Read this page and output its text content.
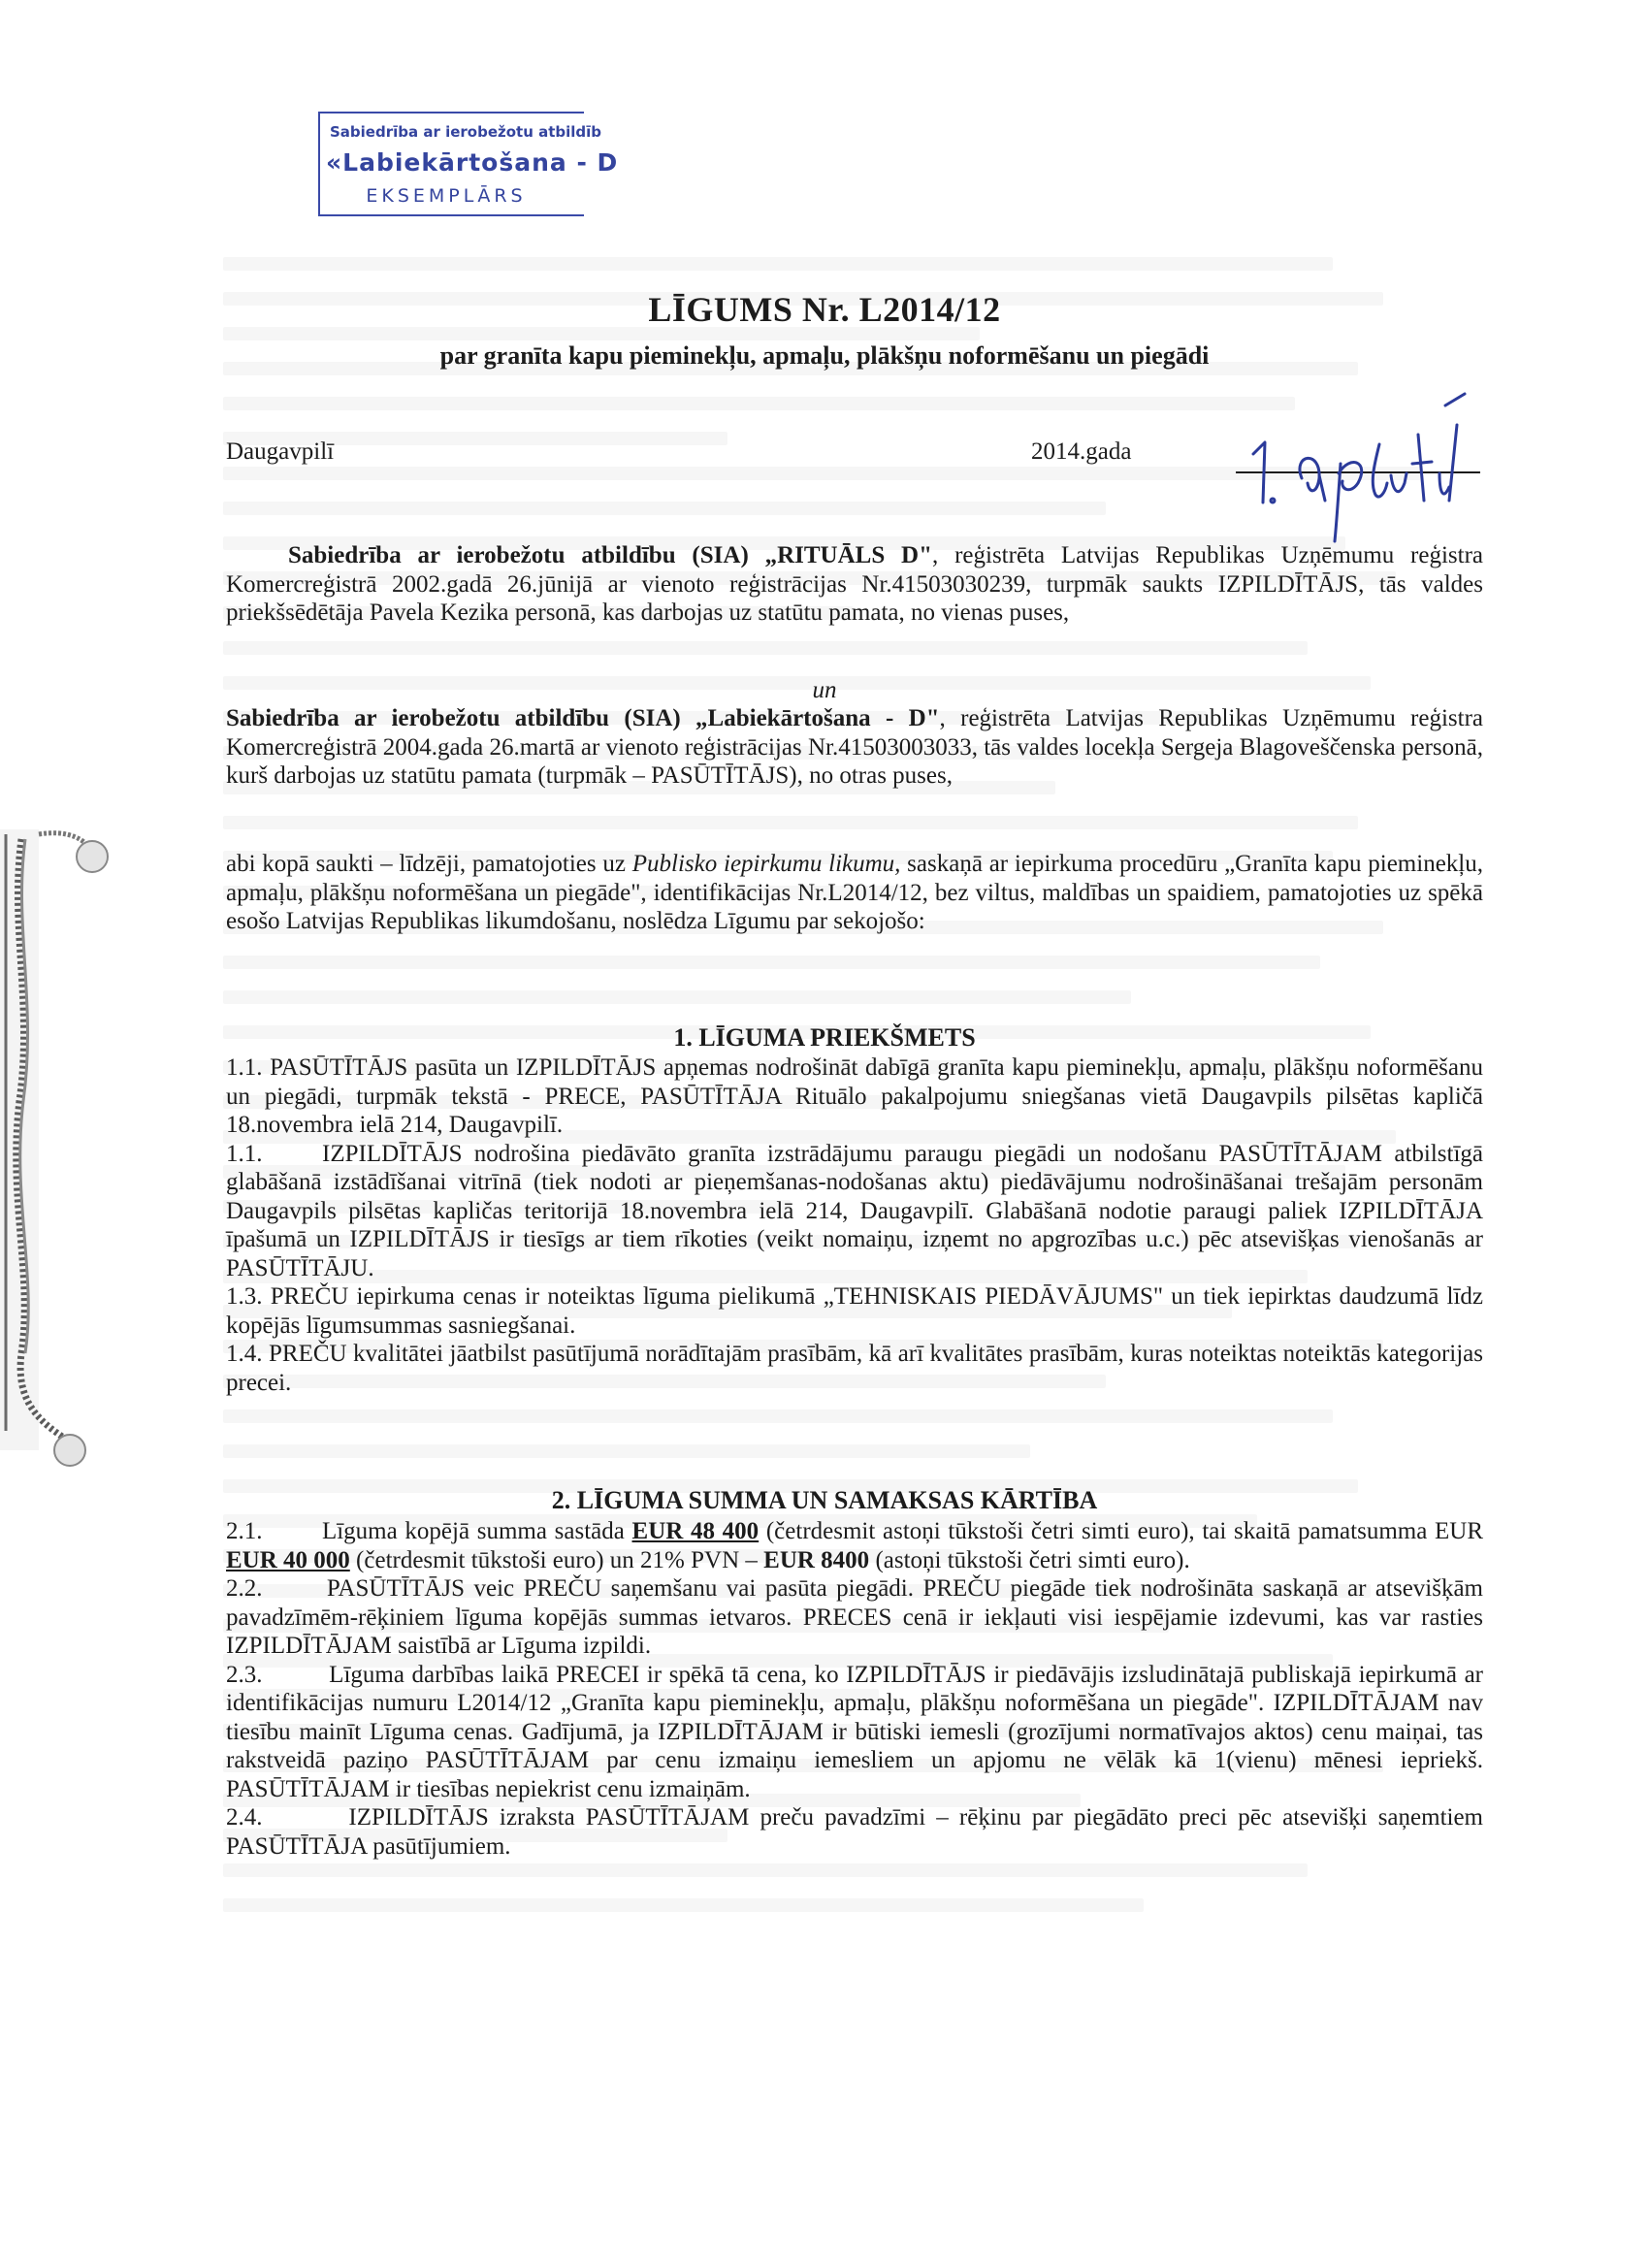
Sabiedrība ar ierobežotu atbildīb
«Labiekārtošana - D
EKSEMPLĀRS
LĪGUMS Nr. L2014/12
par granīta kapu pieminekļu, apmaļu, plākšņu noformēšanu un piegādi
Daugavpilī	2014.gada

Sabiedrība ar ierobežotu atbildību (SIA) „RITUĀLS D", reģistrēta Latvijas Republikas Uzņēmumu reģistra Komercreģistrā 2002.gadā 26.jūnijā ar vienoto reģistrācijas Nr.41503030239, turpmāk saukts IZPILDĪTĀJS, tās valdes priekšsēdētāja Pavela Kezika personā, kas darbojas uz statūtu pamata, no vienas puses,

un

Sabiedrība ar ierobežotu atbildību (SIA) „Labiekārtošana - D", reģistrēta Latvijas Republikas Uzņēmumu reģistra Komercreģistrā 2004.gada 26.martā ar vienoto reģistrācijas Nr.41503003033, tās valdes locekļa Sergeja Blagoveščenska personā, kurš darbojas uz statūtu pamata (turpmāk – PASŪTĪTĀJS), no otras puses,

abi kopā saukti – līdzēji, pamatojoties uz Publisko iepirkumu likumu, saskaņā ar iepirkuma procedūru „Granīta kapu pieminekļu, apmaļu, plākšņu noformēšana un piegāde", identifikācijas Nr.L2014/12, bez viltus, maldības un spaidiem, pamatojoties uz spēkā esošo Latvijas Republikas likumdošanu, noslēdza Līgumu par sekojošo:

1. LĪGUMA PRIEKŠMETS

1.1. PASŪTĪTĀJS pasūta un IZPILDĪTĀJS apņemas nodrošināt dabīgā granīta kapu pieminekļu, apmaļu, plākšņu noformēšanu un piegādi, turpmāk tekstā - PRECE, PASŪTĪTĀJA Rituālo pakalpojumu sniegšanas vietā Daugavpils pilsētas kapličā 18.novembra ielā 214, Daugavpilī.

1.1. IZPILDĪTĀJS nodrošina piedāvāto granīta izstrādājumu paraugu piegādi un nodošanu PASŪTĪTĀJAM atbilstīgā glabāšanā izstādīšanai vitrīnā (tiek nodoti ar pieņemšanas-nodošanas aktu) piedāvājumu nodrošināšanai trešajām personām Daugavpils pilsētas kapličas teritorijā 18.novembra ielā 214, Daugavpilī. Glabāšanā nodotie paraugi paliek IZPILDĪTĀJA īpašumā un IZPILDĪTĀJS ir tiesīgs ar tiem rīkoties (veikt nomaiņu, izņemt no apgrozības u.c.) pēc atsevišķas vienošanās ar PASŪTĪTĀJU.

1.3. PREČU iepirkuma cenas ir noteiktas līguma pielikumā „TEHNISKAIS PIEDĀVĀJUMS" un tiek iepirktas daudzumā līdz kopējās līgumsummas sasniegšanai.

1.4. PREČU kvalitātei jāatbilst pasūtījumā norādītajām prasībām, kā arī kvalitātes prasībām, kuras noteiktas noteiktās kategorijas precei.

2. LĪGUMA SUMMA UN SAMAKSAS KĀRTĪBA

2.1. Līguma kopējā summa sastāda EUR 48 400 (četrdesmit astoņi tūkstoši četri simti euro), tai skaitā pamatsumma EUR EUR 40 000 (četrdesmit tūkstoši euro) un 21% PVN – EUR 8400 (astoņi tūkstoši četri simti euro).

2.2.	PASŪTĪTĀJS veic PREČU saņemšanu vai pasūta piegādi. PREČU piegāde tiek nodrošināta saskaņā ar atsevišķām pavadzīmēm-rēķiniem līguma kopējās summas ietvaros. PRECES cenā ir iekļauti visi iespējamie izdevumi, kas var rasties IZPILDĪTĀJAM saistībā ar Līguma izpildi.

2.3.	Līguma darbības laikā PRECEI ir spēkā tā cena, ko IZPILDĪTĀJS ir piedāvājis izsludinātajā publiskajā iepirkumā ar identifikācijas numuru L2014/12 „Granīta kapu pieminekļu, apmaļu, plākšņu noformēšana un piegāde". IZPILDĪTĀJAM nav tiesību mainīt Līguma cenas. Gadījumā, ja IZPILDĪTĀJAM ir būtiski iemesli (grozījumi normatīvajos aktos) cenu maiņai, tas rakstveidā paziņo PASŪTĪTĀJAM par cenu izmaiņu iemesliem un apjomu ne vēlāk kā 1(vienu) mēnesi iepriekš. PASŪTĪTĀJAM ir tiesības nepiekrist cenu izmaiņām.

2.4.	IZPILDĪTĀJS izraksta PASŪTĪTĀJAM preču pavadzīmi – rēķinu par piegādāto preci pēc atsevišķi saņemtiem PASŪTĪTĀJA pasūtījumiem.
